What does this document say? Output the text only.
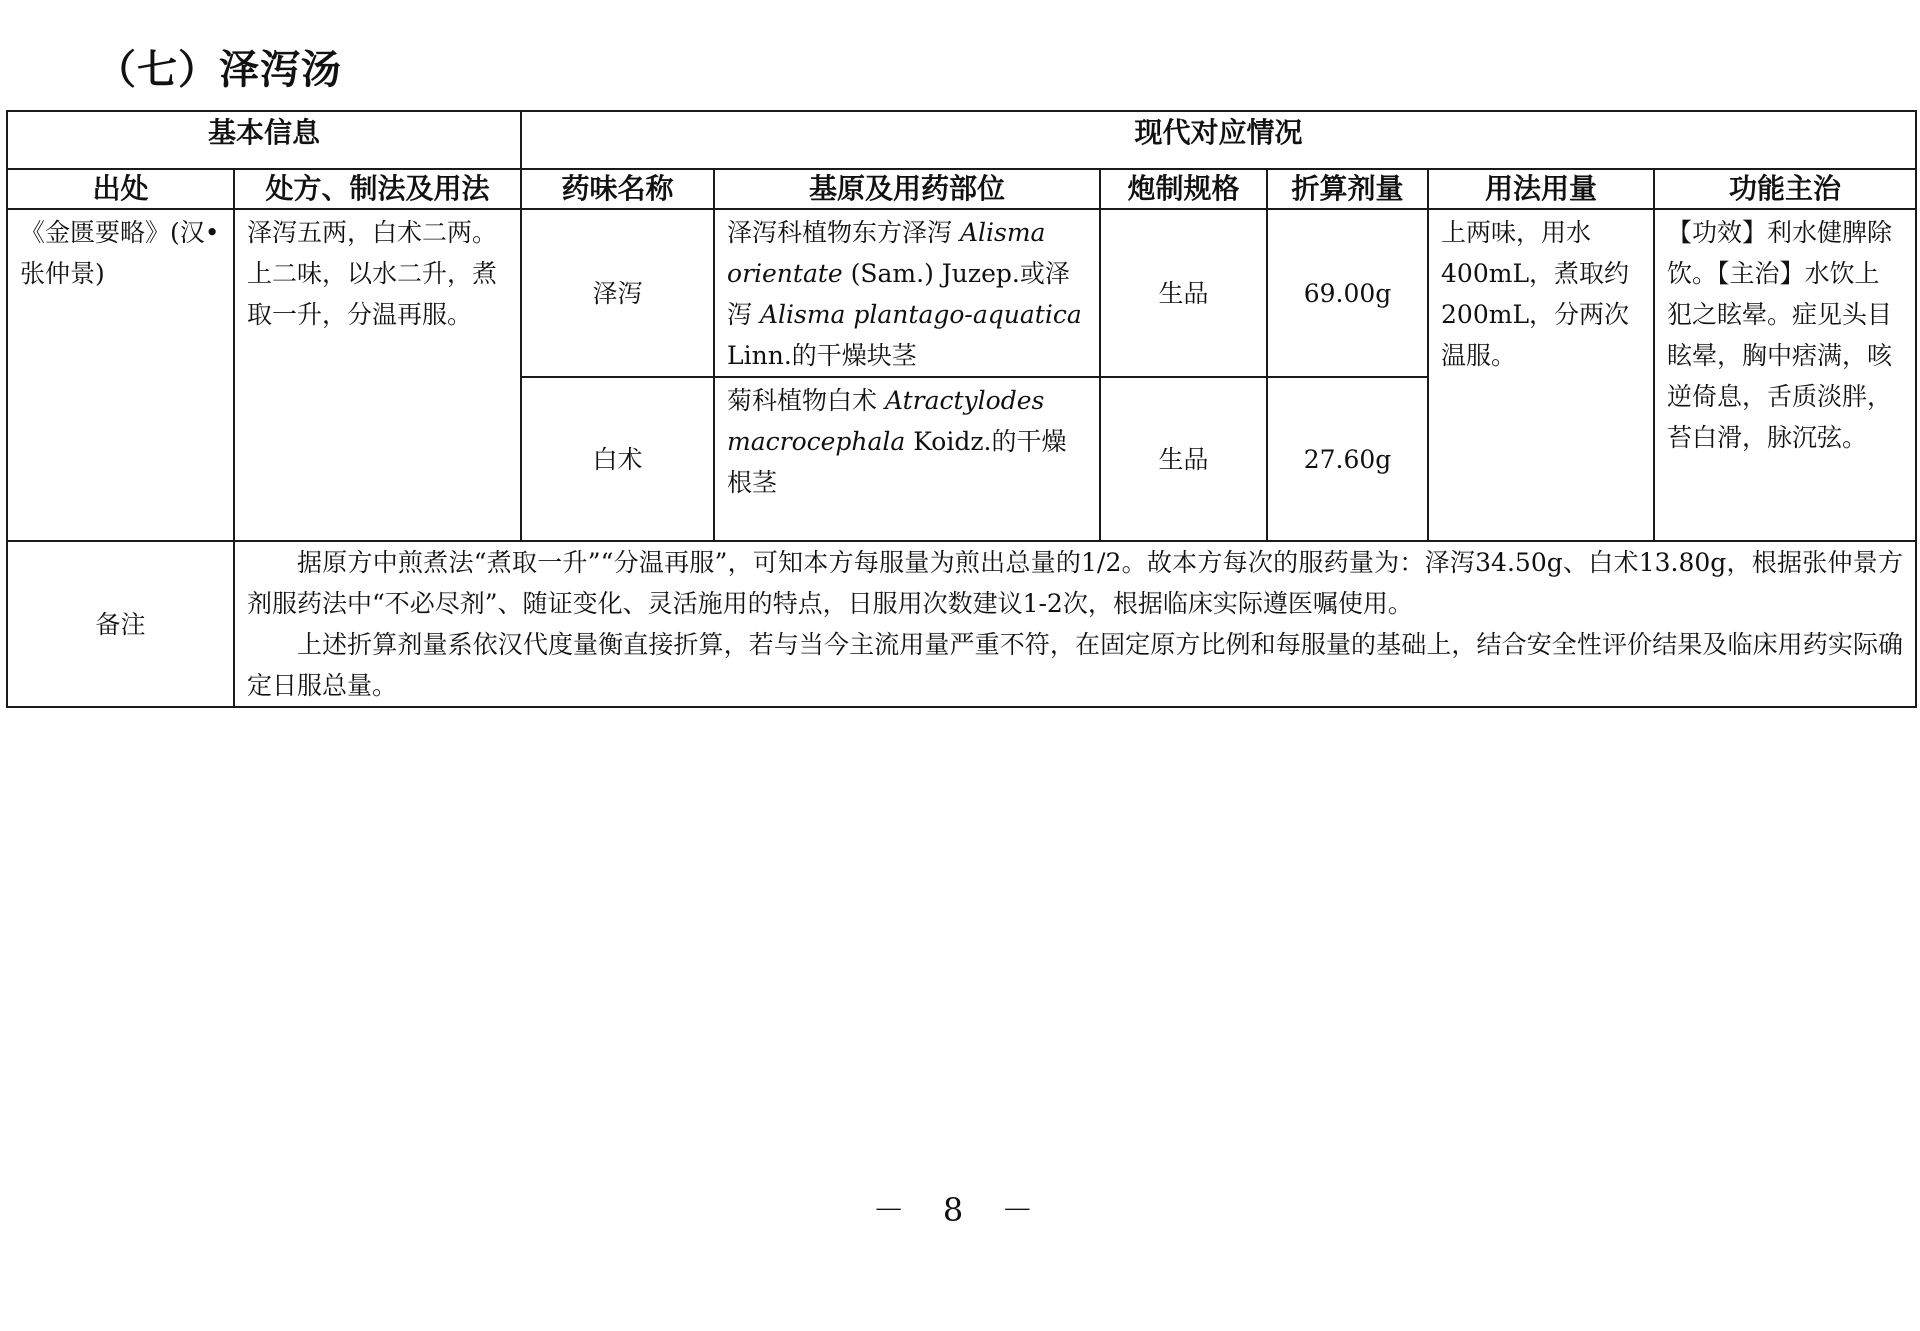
（七）泽泻汤
基本信息		现代对应情况					
出处	处方、制法及用法	药味名称	基原及用药部位	炮制规格	折算剂量	用法用量	功能主治
《金匮要略》(汉•张仲景)	泽泻五两，白术二两。上二味，以水二升，煮取一升，分温再服。	泽泻	泽泻科植物东方泽泻 Alisma orientate (Sam.) Juzep.或泽泻 Alisma plantago-aquatica Linn.的干燥块茎	生品	69.00g	上两味，用水400mL，煮取约200mL，分两次温服。	【功效】利水健脾除饮。【主治】水饮上犯之眩晕。症见头目眩晕，胸中痞满，咳逆倚息，舌质淡胖，苔白滑，脉沉弦。
		白术	菊科植物白术 Atractylodes macrocephala Koidz.的干燥根茎	生品	27.60g		
备注	据原方中煎煮法“煮取一升”“分温再服”，可知本方每服量为煎出总量的1/2。故本方每次的服药量为：泽泻34.50g、白术13.80g，根据张仲景方剂服药法中“不必尽剂”、随证变化、灵活施用的特点，日服用次数建议1-2次，根据临床实际遵医嘱使用。

上述折算剂量系依汉代度量衡直接折算，若与当今主流用量严重不符，在固定原方比例和每服量的基础上，结合安全性评价结果及临床用药实际确定日服总量。						

－ 8 －
